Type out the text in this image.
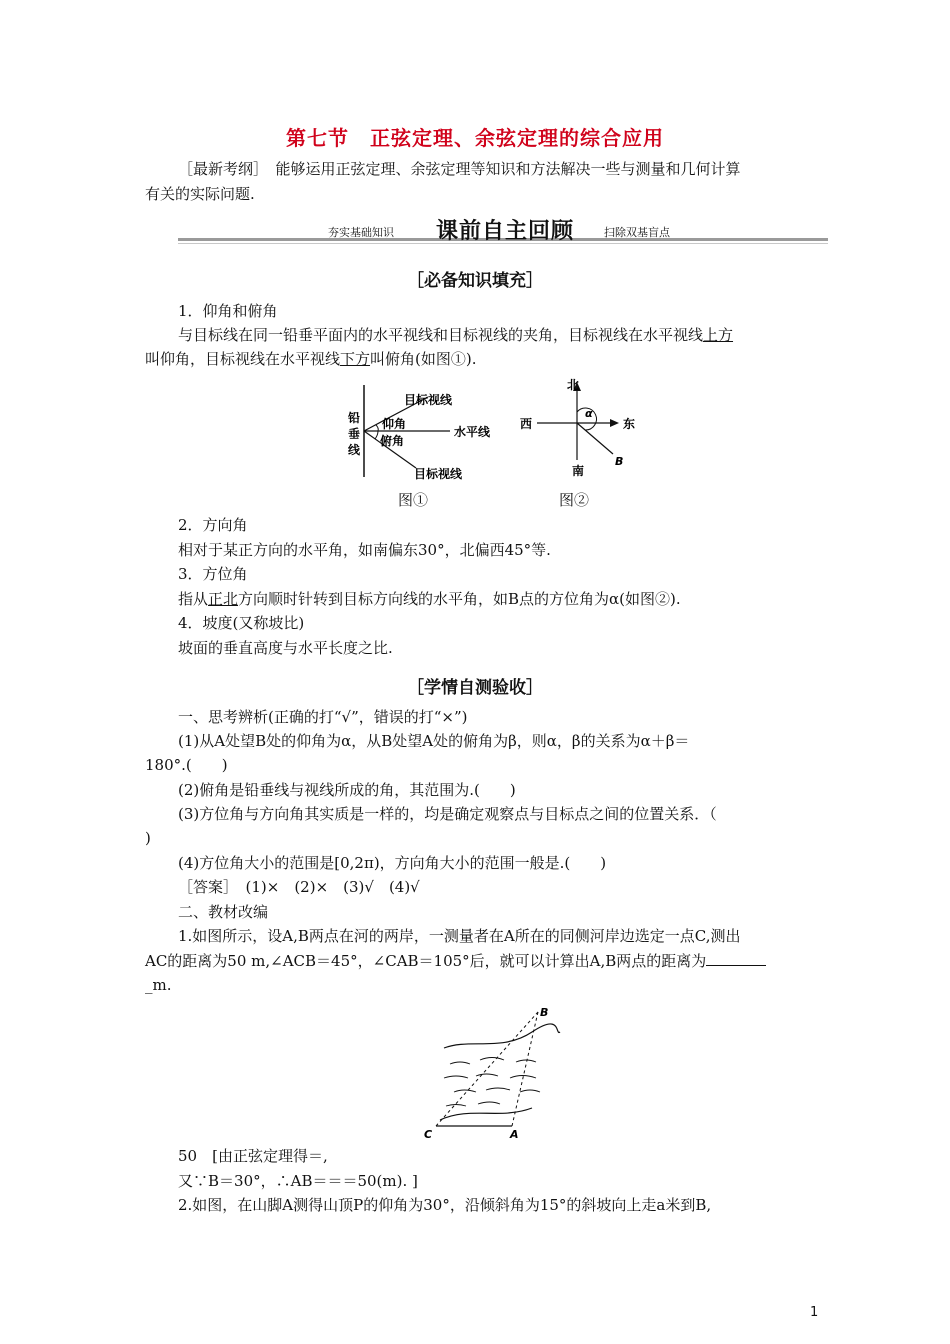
第七节　正弦定理、余弦定理的综合应用
［最新考纲］　能够运用正弦定理、余弦定理等知识和方法解决一些与测量和几何计算
有关的实际问题.
夯实基础知识 课前自主回顾	扫除双基盲点
［必备知识填充］
1．仰角和俯角
与目标线在同一铅垂平面内的水平视线和目标视线的夹角，目标视线在水平视线上方
叫仰角，目标视线在水平视线下方叫俯角(如图①).
铅
垂
线
目标视线
仰角
水平线
俯角
目标视线
图①
北
西	东
南
α
B
图②
2．方向角
相对于某正方向的水平角，如南偏东30°，北偏西45°等.
3．方位角
指从正北方向顺时针转到目标方向线的水平角，如B点的方位角为α(如图②).
4．坡度(又称坡比)
坡面的垂直高度与水平长度之比.
［学情自测验收］
一、思考辨析(正确的打“√”，错误的打“×”)
(1)从A处望B处的仰角为α，从B处望A处的俯角为β，则α，β的关系为α＋β＝
180°.(　　)
(2)俯角是铅垂线与视线所成的角，其范围为.(　　)
(3)方位角与方向角其实质是一样的，均是确定观察点与目标点之间的位置关系．（
)
(4)方位角大小的范围是[0,2π)，方向角大小的范围一般是.(　　)
［答案］　(1)×　(2)×　(3)√　(4)√
二、教材改编
1.如图所示，设A,B两点在河的两岸，一测量者在A所在的同侧河岸边选定一点C,测出
AC的距离为50 m,∠ACB＝45°，∠CAB＝105°后，就可以计算出A,B两点的距离为
_m.
B
C	A
50　[由正弦定理得＝,
又∵B＝30°，∴AB＝＝＝50(m). ]
2.如图，在山脚A测得山顶P的仰角为30°，沿倾斜角为15°的斜坡向上走a米到B,
1
